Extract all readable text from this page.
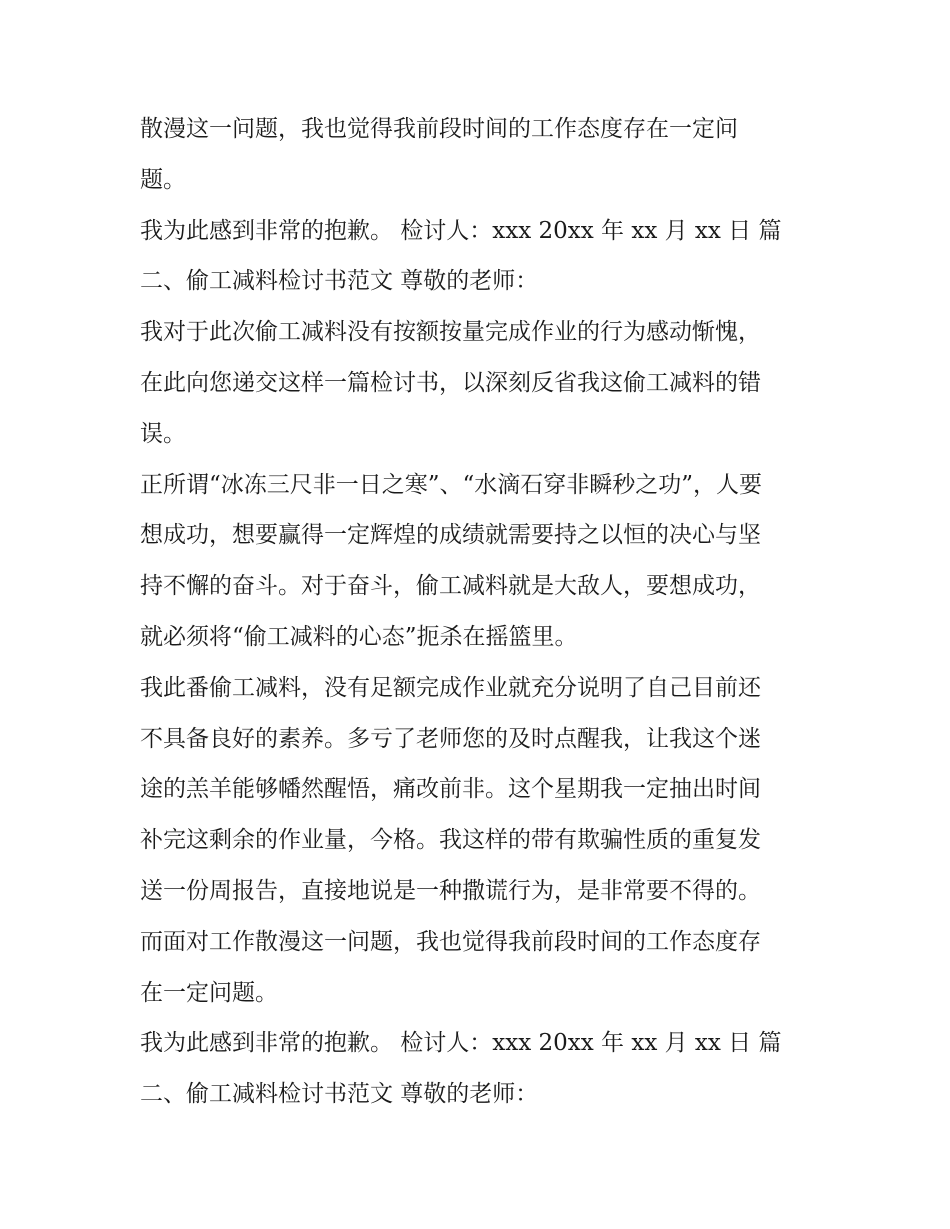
散漫这一问题，我也觉得我前段时间的工作态度存在一定问
题。
我为此感到非常的抱歉。 检讨人：xxx 20xx 年 xx 月 xx 日 篇
二、偷工减料检讨书范文 尊敬的老师：
我对于此次偷工减料没有按额按量完成作业的行为感动惭愧，
在此向您递交这样一篇检讨书，以深刻反省我这偷工减料的错
误。
正所谓“冰冻三尺非一日之寒”、“水滴石穿非瞬秒之功”，人要
想成功，想要赢得一定辉煌的成绩就需要持之以恒的决心与坚
持不懈的奋斗。对于奋斗，偷工减料就是大敌人，要想成功，
就必须将“偷工减料的心态”扼杀在摇篮里。
我此番偷工减料，没有足额完成作业就充分说明了自己目前还
不具备良好的素养。多亏了老师您的及时点醒我，让我这个迷
途的羔羊能够幡然醒悟，痛改前非。这个星期我一定抽出时间
补完这剩余的作业量，今格。我这样的带有欺骗性质的重复发
送一份周报告，直接地说是一种撒谎行为，是非常要不得的。
而面对工作散漫这一问题，我也觉得我前段时间的工作态度存
在一定问题。
我为此感到非常的抱歉。 检讨人：xxx 20xx 年 xx 月 xx 日 篇
二、偷工减料检讨书范文 尊敬的老师：
